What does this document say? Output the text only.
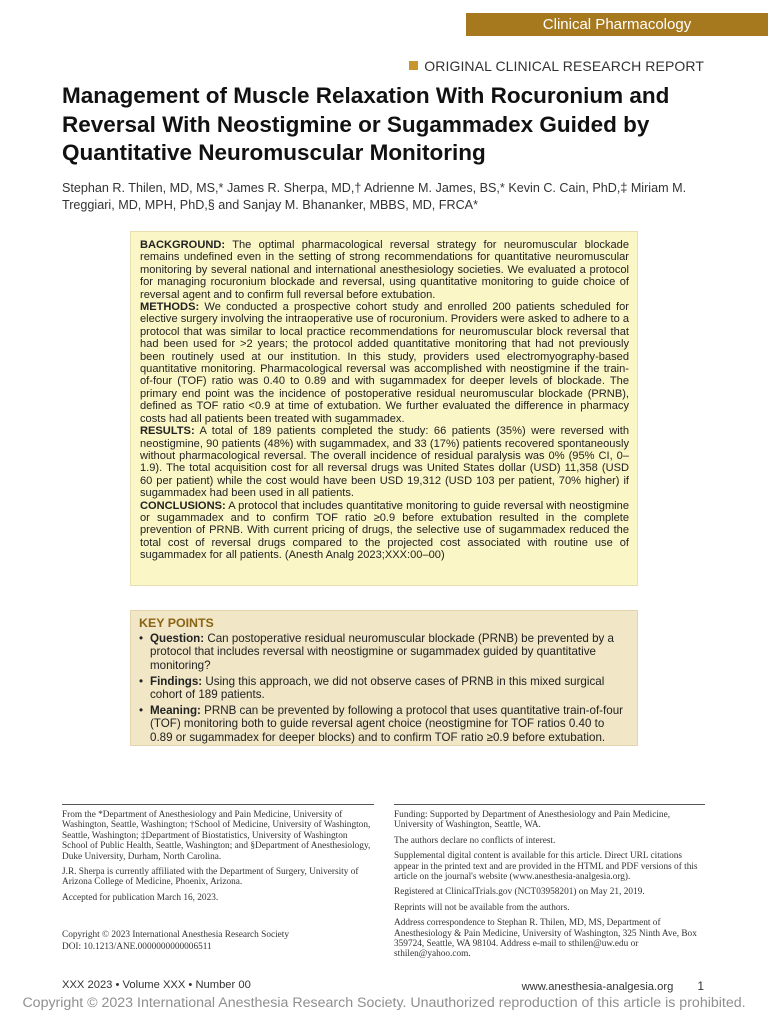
Clinical Pharmacology
ORIGINAL CLINICAL RESEARCH REPORT
Management of Muscle Relaxation With Rocuronium and Reversal With Neostigmine or Sugammadex Guided by Quantitative Neuromuscular Monitoring
Stephan R. Thilen, MD, MS,* James R. Sherpa, MD,† Adrienne M. James, BS,* Kevin C. Cain, PhD,‡ Miriam M. Treggiari, MD, MPH, PhD,§ and Sanjay M. Bhananker, MBBS, MD, FRCA*

BACKGROUND: The optimal pharmacological reversal strategy for neuromuscular blockade remains undefined even in the setting of strong recommendations for quantitative neuromuscular monitoring by several national and international anesthesiology societies. We evaluated a protocol for managing rocuronium blockade and reversal, using quantitative monitoring to guide choice of reversal agent and to confirm full reversal before extubation.

METHODS: We conducted a prospective cohort study and enrolled 200 patients scheduled for elective surgery involving the intraoperative use of rocuronium. Providers were asked to adhere to a protocol that was similar to local practice recommendations for neuromuscular block reversal that had been used for >2 years; the protocol added quantitative monitoring that had not previously been routinely used at our institution. In this study, providers used electromyography-based quantitative monitoring. Pharmacological reversal was accomplished with neostigmine if the train-of-four (TOF) ratio was 0.40 to 0.89 and with sugammadex for deeper levels of blockade. The primary end point was the incidence of postoperative residual neuromuscular blockade (PRNB), defined as TOF ratio <0.9 at time of extubation. We further evaluated the difference in pharmacy costs had all patients been treated with sugammadex.

RESULTS: A total of 189 patients completed the study: 66 patients (35%) were reversed with neostigmine, 90 patients (48%) with sugammadex, and 33 (17%) patients recovered spontaneously without pharmacological reversal. The overall incidence of residual paralysis was 0% (95% CI, 0–1.9). The total acquisition cost for all reversal drugs was United States dollar (USD) 11,358 (USD 60 per patient) while the cost would have been USD 19,312 (USD 103 per patient, 70% higher) if sugammadex had been used in all patients.

CONCLUSIONS: A protocol that includes quantitative monitoring to guide reversal with neostigmine or sugammadex and to confirm TOF ratio ≥0.9 before extubation resulted in the complete prevention of PRNB. With current pricing of drugs, the selective use of sugammadex reduced the total cost of reversal drugs compared to the projected cost associated with routine use of sugammadex for all patients. (Anesth Analg 2023;XXX:00–00)

KEY POINTS
• Question: Can postoperative residual neuromuscular blockade (PRNB) be prevented by a protocol that includes reversal with neostigmine or sugammadex guided by quantitative monitoring?
• Findings: Using this approach, we did not observe cases of PRNB in this mixed surgical cohort of 189 patients.
• Meaning: PRNB can be prevented by following a protocol that uses quantitative train-of-four (TOF) monitoring both to guide reversal agent choice (neostigmine for TOF ratios 0.40 to 0.89 or sugammadex for deeper blocks) and to confirm TOF ratio ≥0.9 before extubation.

From the *Department of Anesthesiology and Pain Medicine, University of Washington, Seattle, Washington; †School of Medicine, University of Washington, Seattle, Washington; ‡Department of Biostatistics, University of Washington School of Public Health, Seattle, Washington; and §Department of Anesthesiology, Duke University, Durham, North Carolina.

J.R. Sherpa is currently affiliated with the Department of Surgery, University of Arizona College of Medicine, Phoenix, Arizona.

Accepted for publication March 16, 2023.

Copyright © 2023 International Anesthesia Research Society
DOI: 10.1213/ANE.0000000000006511

Funding: Supported by Department of Anesthesiology and Pain Medicine, University of Washington, Seattle, WA.

The authors declare no conflicts of interest.

Supplemental digital content is available for this article. Direct URL citations appear in the printed text and are provided in the HTML and PDF versions of this article on the journal's website (www.anesthesia-analgesia.org).

Registered at ClinicalTrials.gov (NCT03958201) on May 21, 2019.

Reprints will not be available from the authors.

Address correspondence to Stephan R. Thilen, MD, MS, Department of Anesthesiology & Pain Medicine, University of Washington, 325 Ninth Ave, Box 359724, Seattle, WA 98104. Address e-mail to sthilen@uw.edu or sthilen@yahoo.com.

XXX 2023 • Volume XXX • Number 00	www.anesthesia-analgesia.org 1
Copyright © 2023 International Anesthesia Research Society. Unauthorized reproduction of this article is prohibited.
